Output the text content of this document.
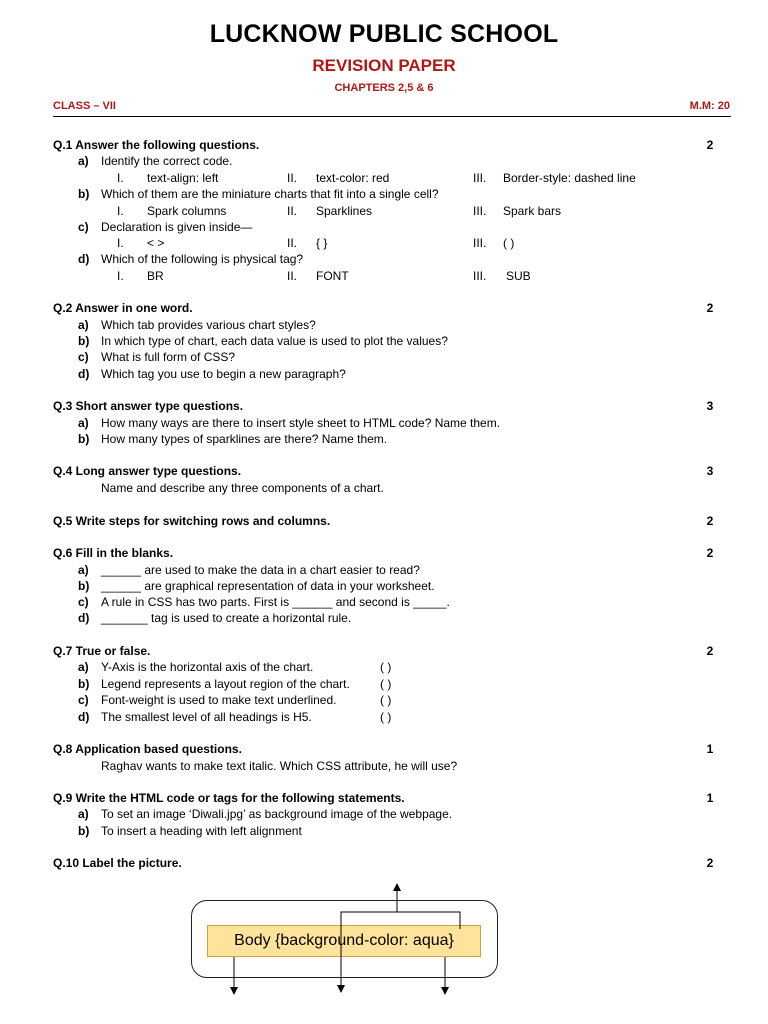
LUCKNOW PUBLIC SCHOOL
REVISION PAPER
CHAPTERS 2,5 & 6
CLASS – VII	M.M: 20
Q.1 Answer the following questions.	2
a) Identify the correct code.
I. text-align: left	II. text-color: red	III. Border-style: dashed line
b) Which of them are the miniature charts that fit into a single cell?
I. Spark columns	II. Sparklines	III. Spark bars
c) Declaration is given inside—
I. < >	II. { }	III. ( )
d) Which of the following is physical tag?
I. BR	II. FONT	III. SUB
Q.2 Answer in one word.	2
a) Which tab provides various chart styles?
b) In which type of chart, each data value is used to plot the values?
c) What is full form of CSS?
d) Which tag you use to begin a new paragraph?
Q.3 Short answer type questions.	3
a) How many ways are there to insert style sheet to HTML code? Name them.
b) How many types of sparklines are there? Name them.
Q.4 Long answer type questions.	3
Name and describe any three components of a chart.
Q.5 Write steps for switching rows and columns.	2
Q.6 Fill in the blanks.	2
a) ______ are used to make the data in a chart easier to read?
b) ______ are graphical representation of data in your worksheet.
c) A rule in CSS has two parts. First is ______ and second is _____.
d) _______ tag is used to create a horizontal rule.
Q.7 True or false.	2
a) Y-Axis is the horizontal axis of the chart.	( )
b) Legend represents a layout region of the chart.	( )
c) Font-weight is used to make text underlined.	( )
d) The smallest level of all headings is H5.	( )
Q.8 Application based questions.	1
Raghav wants to make text italic. Which CSS attribute, he will use?
Q.9 Write the HTML code or tags for the following statements.	1
a) To set an image ‘Diwali.jpg’ as background image of the webpage.
b) To insert a heading with left alignment
Q.10 Label the picture.	2
Body {background-color: aqua}
